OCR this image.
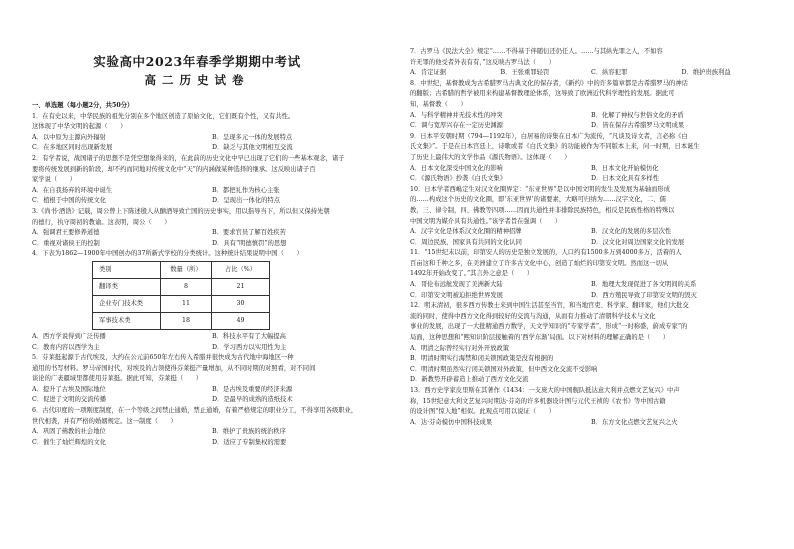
实验高中2023年春季学期期中考试
高二历史试卷
一、单选题（每小题2分，共50分）
1．在有史以来，中华民族的祖先分别在多个地区创造了原始文化，它们既有个性，又有共性。
这体现了中华文明的起源（　　）
A．以中原为主源向外辐射	B．呈现多元一体的发展特点
C．在多地区同时出现新发展	D．缺乏与其他文明相互交流
2．有学者说，战国诸子的思想不是凭空想象得来的，在此前的历史文化中早已出现了它们的一些基本观念，诸子
要将传统发展到新的阶段，却不约而同地对传统文化中“天”的内涵做某种选择的继承。这反映出诸子百
家学说（　　）
A．在自我扬弃的环境中诞生	B．都把礼作为核心主张
C．植根于中国的传统文化	D．呈现出一体化的特点
3.《尚书·酒诰》记载，周公曾上下陈述殷人从酗酒导致亡国的历史事实，用以指导当下，所以但又保持先朝
的德行，执守周初的教谕。这表明，周公（　　）
A．强调君王要修养道德	B．要求官员了解百姓疾苦
C．重视对诸侯王的控制	D．具有“明德慎罚”的思想
4．下表为1862—1900年中国创办的37所新式学校的分类统计。这种统计结果说明中国（　　）
类别	数量（所）	占比（%）
翻译类	8	21
企业专门技术类	11	30
军事技术类	18	49
A．西方学说得到广泛传播	B．科技水平有了大幅提高
C．教育内容以西学为主	D．学习西方以实用性为主
5．芬莱挺起源于古代埃及，大约在公元前650年左右传入希腊并很快成为古代地中海地区一种
通用的书写材料。罗马帝国时代，对埃及的占领使得芬莱挺产量增加，从不同时期的对照看，对不同间
谈论的广袤疆域里都使用芬莱挺。据此可知，芬莱挺（　　）
A．提升了古埃及国际地位	B．是古埃及重要的经济来源
C．促进了文明的交流传播	D．是最早的成熟的造纸技术
6．古代印度的一项刚度制度，在一个等级之间禁止通婚，禁止通婚，有着严格规定的职业分工，不得享用各级职业，
世代相袭，并有严格的婚姻规定。这一制度（　　）
A．巩固了佛教的社会地位	B．维护了贵族的统治秩序
C．催生了灿烂辉煌的文化	D．适应了专制集权的需要
7．古罗马《民法大全》规定“……不得基于伴随衍还仍任人。……与其纵先罪之人，不如容
许无罪的他受者外表有有，”这反映古罗马法（　　）
A．肯定证据	B．王张重罪轻罚	C．纵容犯罪	D．维护贵族利益
8．中世纪，基督教成为古希腊罗马古典文化的保存者，《新约》中的许多篇章都是古希腊罗马的神话
的翻版；古希腊的哲学被用来构建基督教理论体系，这导致了欧洲近代科学理性的发展。据此可
知，基督教（　　）
A．与科学精神并无技术性的冲突	B．化解了神权与世俗文化的矛盾
C．调与宽厚兴存在一定历史渊源	D．皆在保存古希腊罗马文明成果
9．日本平安朝时期（794—1192年），白居易的诗集在日本广为流传，“凡谈及诗文者，言必称《白
氏文集》”。于是在日本宫廷上，诗歌或者《白氏文集》的功能被作为不同版本上来，问一时期，日本诞生
了历史上最伟大的文学作品《源氏物语》。这体现（　　）
A．日本文化深受中国文化的影响	B．日本文化开始模仿化
C．《源氏物语》抄袭《白氏文集》	D．日本文化具有多样性
10．日本学者西嶋定生对汉文化圈界定：“东亚世界”是以中国文明的发生及发展为基轴而形成
的……构成这个历史的文化圈，即‘东亚世界’的诸要素，大略可归纳为……汉字文化，二、儒
教，三、律令制，四、佛教等四项……因而共通性并非排除民族特色，相反是民族性格的特殊以
中国文明为媒介具有共通性。”该学者旨在强调（　　）
A．汉字文化是体系汉文化圈的精神招牌	B．汉文化的发展的多层次性
C．周边民族，国家具有共同的文化认同	D．汉文化对周边国家文化的发展
11．“15世纪末以前，印第安人的历史是独立发展的，人口约有1500多万到4000多万，活着的人
百亩这和千种之多，在美洲建立了许多古文化中心，创造了灿烂的印第安文明。然而这一切从
1492年开始改变了。”其言外之意是（　　）
A．哥伦布远航发现了美洲新大陆	B．地理大发现促进了各文明间的关系
C．印第安文明被迫拒绝世界发展	D．西方殖民导致了印第安文明的毁灭
12．明末清初，很多西方传教士来到中国生活甚至当官，和当地官吏、科学家、翻译家，他们大批交
流的同时，使得中西方文化得到较好的交流与沟通，从而有力推动了清朝科学技术与文化
事业的发展，出现了一大批精通西方数学，天文学知识的“专家学者”，形成“一时称盛，蔚成专家”的
局面，这种思想和“熙知识阶层接触着的‘西学东渐’局面。以下对材料的理解正确的是（　　）
A．明清之际曾经实行对外开放政策
B．明清时期实行海禁和闭关锁国政策是没有根据的
C．明清时期虽然实行闭关锁国对外政策，但中西文化交流不受影响
D．新教势开辟蓄造上推动了西方文化交流
13．西方史学家皮里斯在其著作《1434：一支庞大的中国舰队抵达意大利并点燃文艺复兴》中声
称，15世纪意大利文艺复兴时期达·芬奇的许多机器设计图与元代王祯的《农书》等中国古籍
的设计图“惊人地”相似。此观点可用以说证（　　）
A．达·芬奇模仿中国科技成果	B．东方文化点燃文艺复兴之火
